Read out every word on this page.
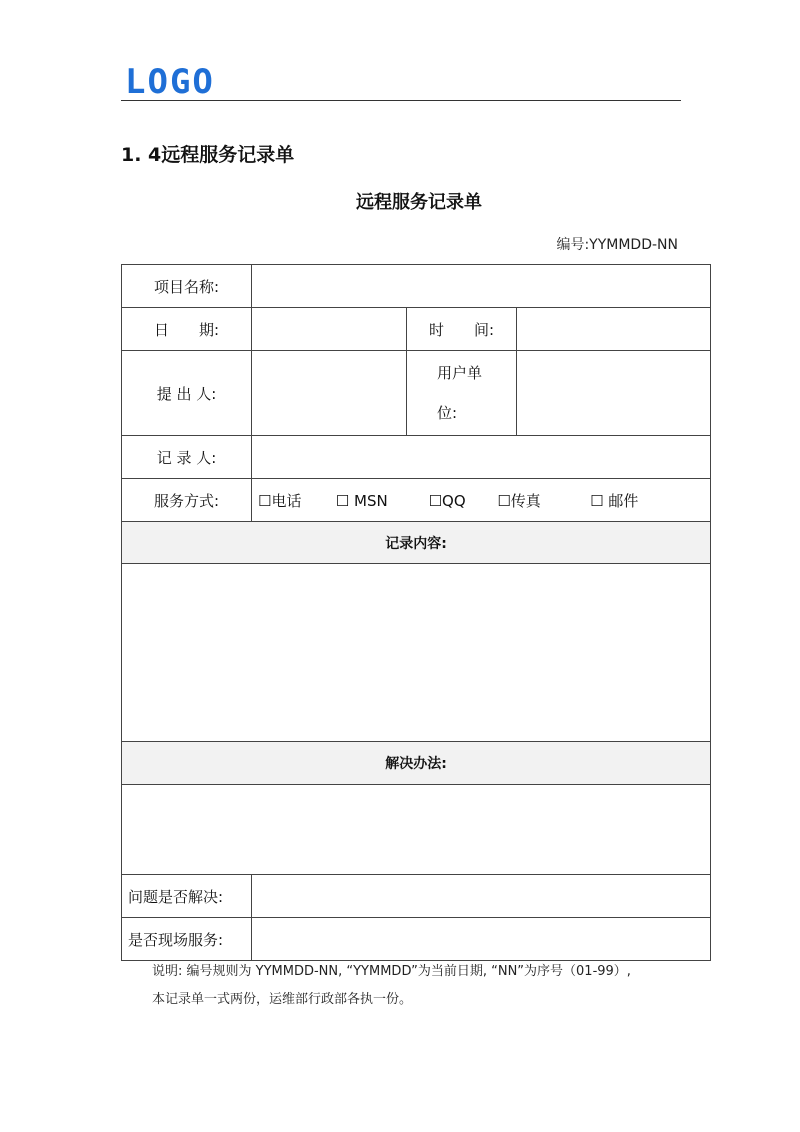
LOGO
1. 4远程服务记录单
远程服务记录单
编号:YYMMDD-NN
项目名称:			
日　　期:		时　　间:	
提 出 人:		用户单
位:	

记 录 人:			
服务方式:	☐电话 ☐ MSN ☐QQ ☐传真 ☐ 邮件		
记录内容:			

解决办法:			

问题是否解决:			
是否现场服务:			
说明: 编号规则为 YYMMDD-NN, “YYMMDD”为当前日期, “NN”为序号（01-99）,
本记录单一式两份，运维部行政部各执一份。
